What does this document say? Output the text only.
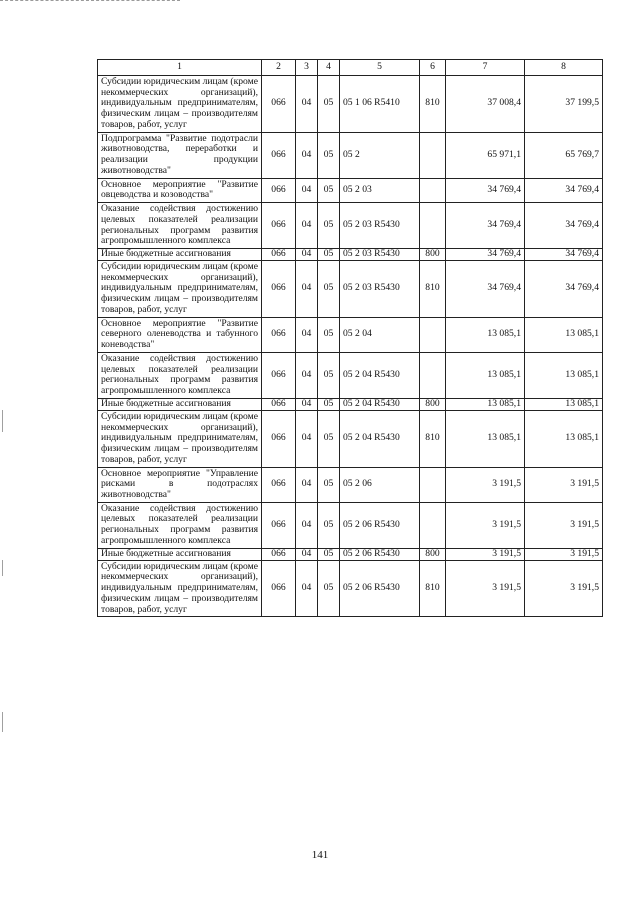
1	2	3	4	5	6	7	8
Субсидии юридическим лицам (кроме некоммерческих организаций), индивидуальным предпринимателям, физическим лицам – производителям товаров, работ, услуг	066	04	05	05 1 06 R5410	810	37 008,4	37 199,5
Подпрограмма "Развитие подотрасли животноводства, переработки и реализации продукции животноводства"	066	04	05	05 2		65 971,1	65 769,7
Основное мероприятие "Развитие овцеводства и козоводства"	066	04	05	05 2 03		34 769,4	34 769,4
Оказание содействия достижению целевых показателей реализации региональных программ развития агропромышленного комплекса	066	04	05	05 2 03 R5430		34 769,4	34 769,4
Иные бюджетные ассигнования	066	04	05	05 2 03 R5430	800	34 769,4	34 769,4
Субсидии юридическим лицам (кроме некоммерческих организаций), индивидуальным предпринимателям, физическим лицам – производителям товаров, работ, услуг	066	04	05	05 2 03 R5430	810	34 769,4	34 769,4
Основное мероприятие "Развитие северного оленеводства и табунного коневодства"	066	04	05	05 2 04		13 085,1	13 085,1
Оказание содействия достижению целевых показателей реализации региональных программ развития агропромышленного комплекса	066	04	05	05 2 04 R5430		13 085,1	13 085,1
Иные бюджетные ассигнования	066	04	05	05 2 04 R5430	800	13 085,1	13 085,1
Субсидии юридическим лицам (кроме некоммерческих организаций), индивидуальным предпринимателям, физическим лицам – производителям товаров, работ, услуг	066	04	05	05 2 04 R5430	810	13 085,1	13 085,1
Основное мероприятие "Управление рисками в подотраслях животноводства"	066	04	05	05 2 06		3 191,5	3 191,5
Оказание содействия достижению целевых показателей реализации региональных программ развития агропромышленного комплекса	066	04	05	05 2 06 R5430		3 191,5	3 191,5
Иные бюджетные ассигнования	066	04	05	05 2 06 R5430	800	3 191,5	3 191,5
Субсидии юридическим лицам (кроме некоммерческих организаций), индивидуальным предпринимателям, физическим лицам – производителям товаров, работ, услуг	066	04	05	05 2 06 R5430	810	3 191,5	3 191,5
141
